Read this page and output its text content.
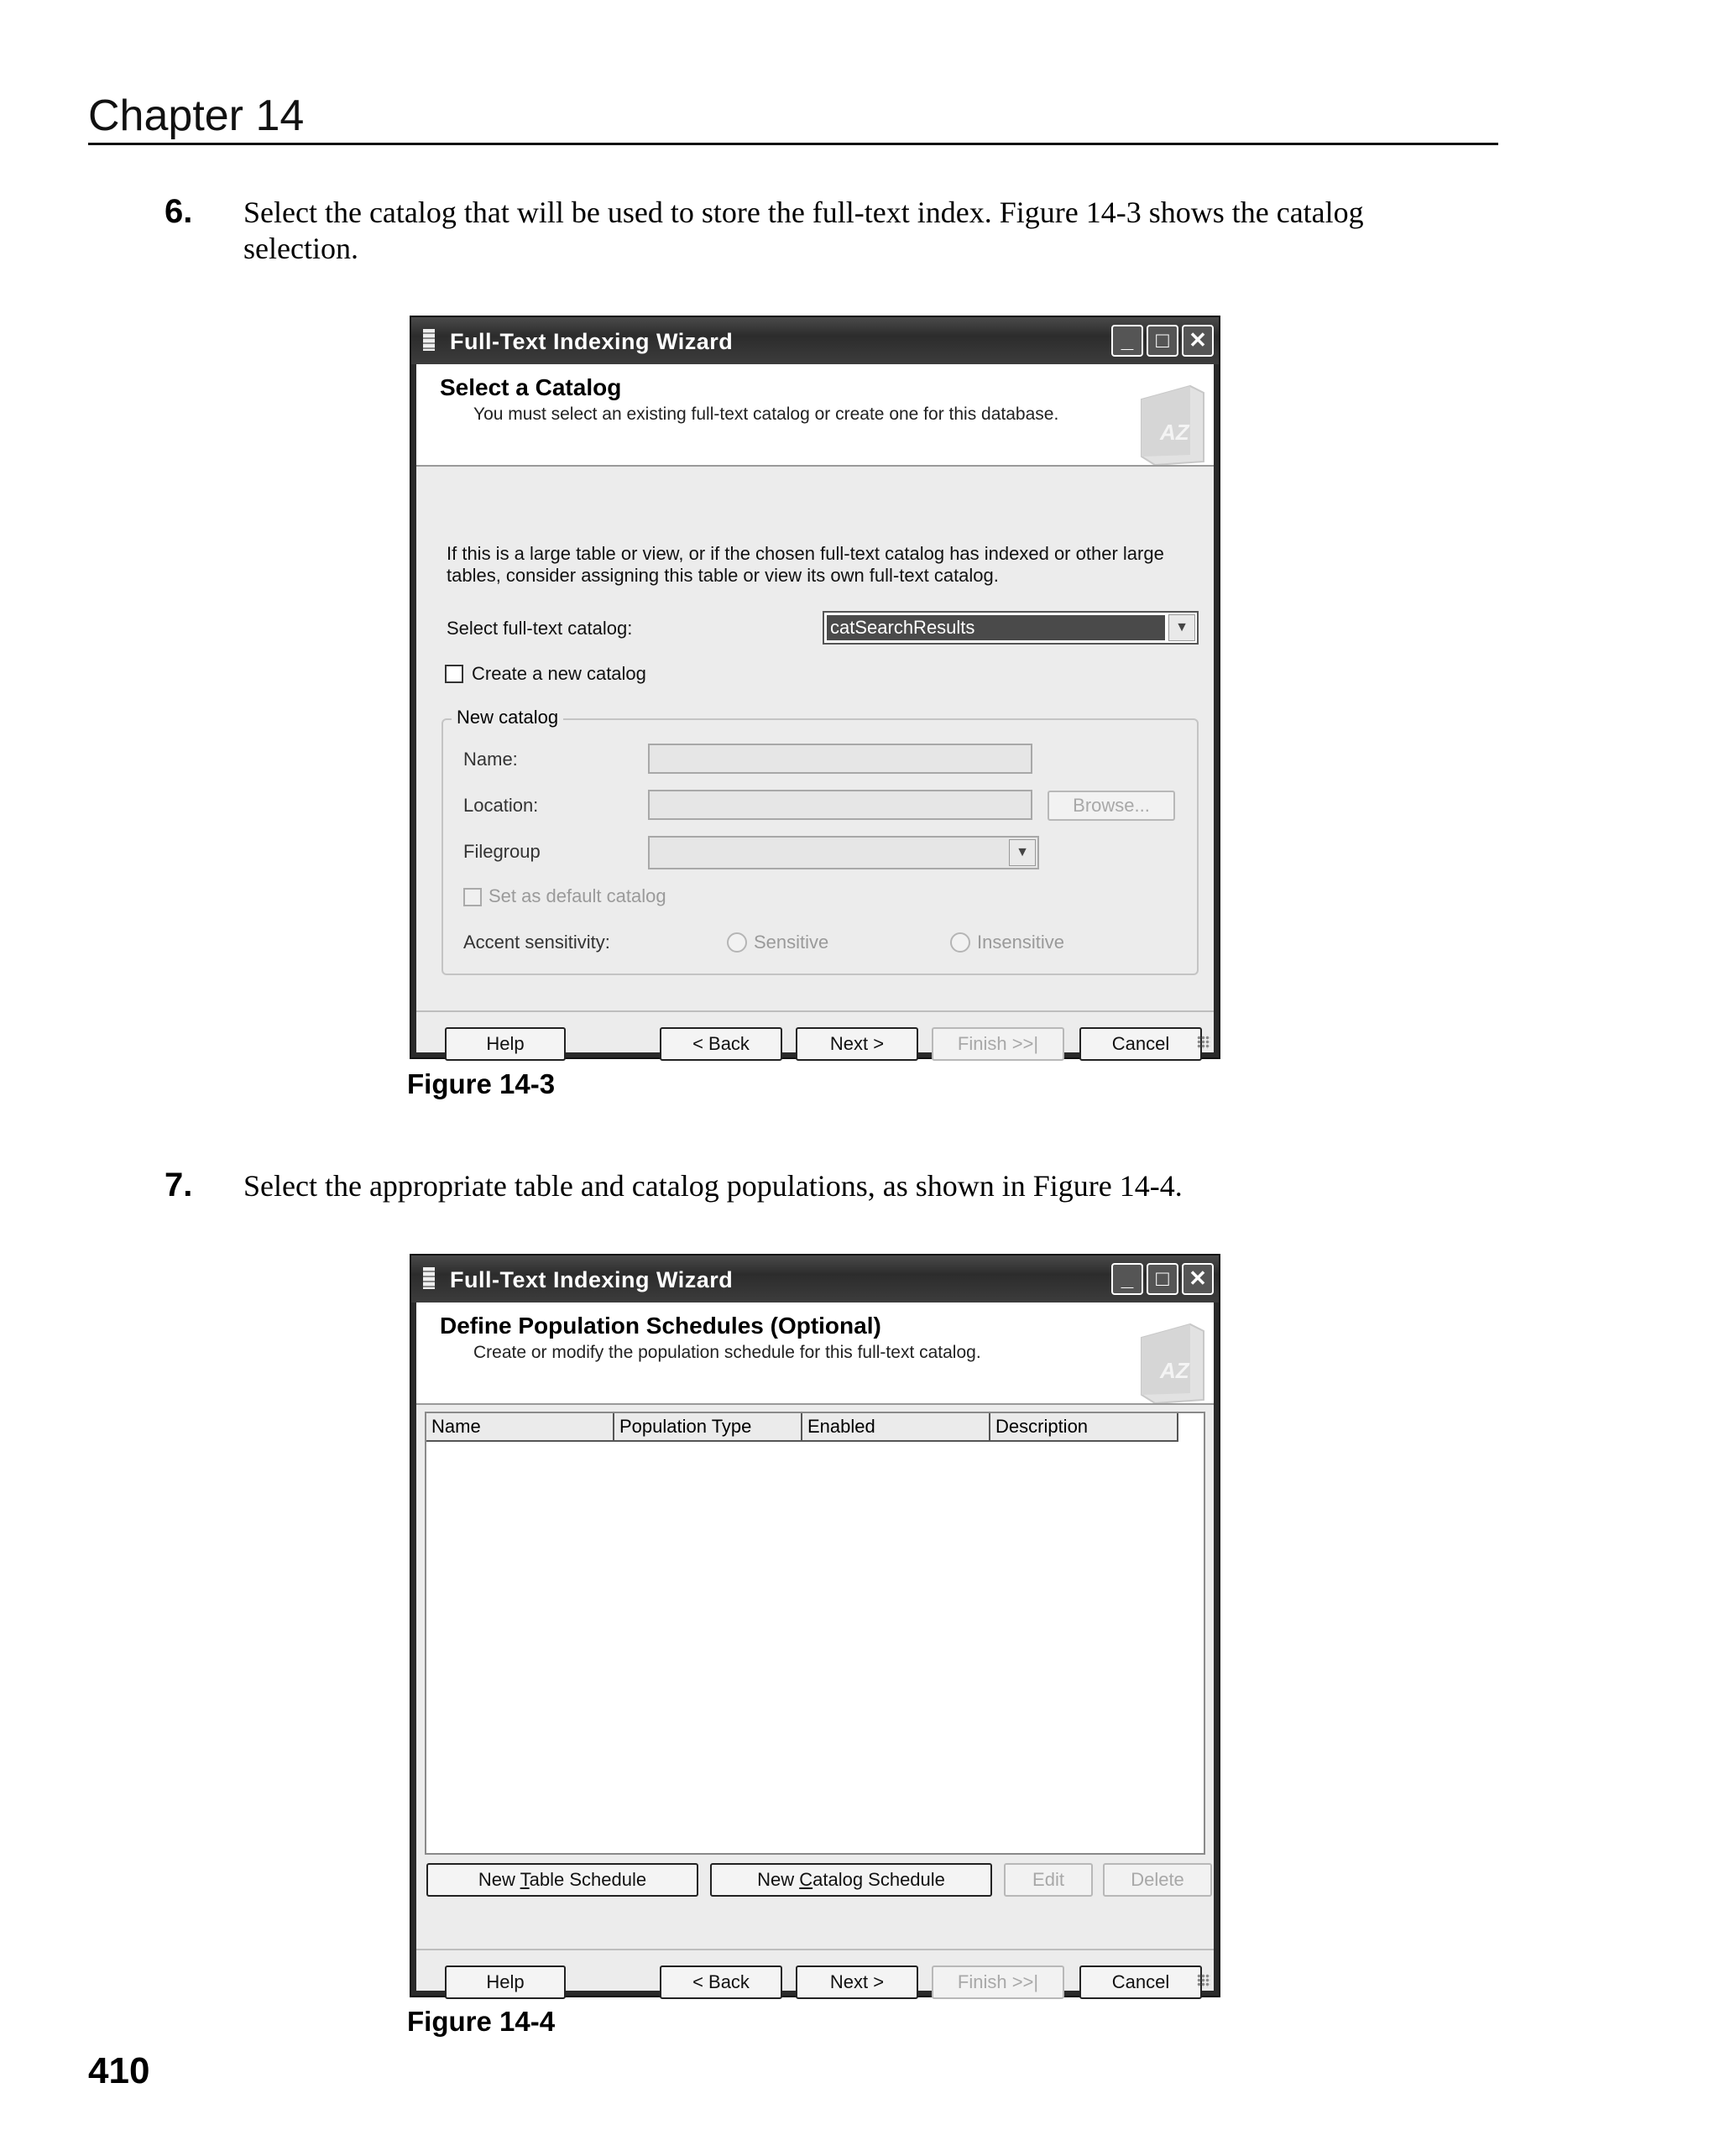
Chapter 14
6. Select the catalog that will be used to store the full-text index. Figure 14-3 shows the catalog selection.
Full-Text Indexing Wizard	_	□ ✕
Select a Catalog
You must select an existing full-text catalog or create one for this database.
AZ
If this is a large table or view, or if the chosen full-text catalog has indexed or other large
tables, consider assigning this table or view its own full-text catalog.
Select full-text catalog:	catSearchResults	▼
Create a new catalog
New catalog
Name:
Location:	Browse...
Filegroup	▼
Set as default catalog
Accent sensitivity:	Sensitive	Insensitive
Help	< Back	Next >	Finish >>|	Cancel
Figure 14-3
7. Select the appropriate table and catalog populations, as shown in Figure 14-4.
Full-Text Indexing Wizard	_	□ ✕
Define Population Schedules (Optional)
Create or modify the population schedule for this full-text catalog.
AZ
Name	Population Type	Enabled	Description
New Table Schedule	New Catalog Schedule	Edit	Delete
Help	< Back	Next >	Finish >>|	Cancel
Figure 14-4
410
